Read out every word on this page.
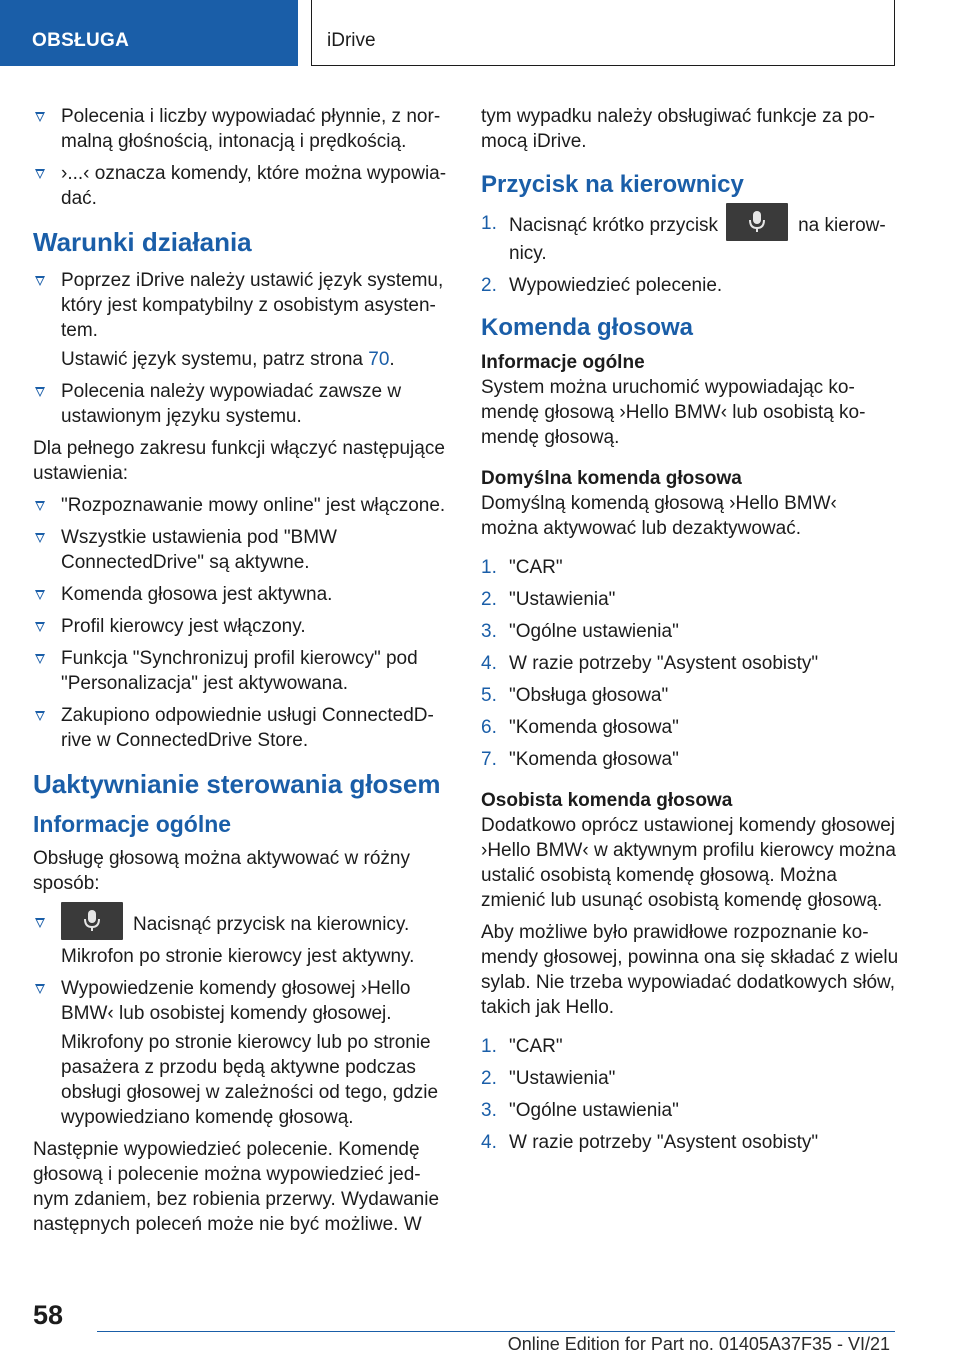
OBSŁUGA	iDrive
Polecenia i liczby wypowiadać płynnie, z normalną głośnością, intonacją i prędkością.
›...‹ oznacza komendy, które można wypowiadać.
Warunki działania
Poprzez iDrive należy ustawić język systemu, który jest kompatybilny z osobistym asystentem.
Ustawić język systemu, patrz strona 70.
Polecenia należy wypowiadać zawsze w ustawionym języku systemu.

Dla pełnego zakresu funkcji włączyć następujące ustawienia:

"Rozpoznawanie mowy online" jest włączone.
Wszystkie ustawienia pod "BMW ConnectedDrive" są aktywne.
Komenda głosowa jest aktywna.
Profil kierowcy jest włączony.
Funkcja "Synchronizuj profil kierowcy" pod "Personalizacja" jest aktywowana.
Zakupiono odpowiednie usługi ConnectedDrive w ConnectedDrive Store.
Uaktywnianie sterowania głosem
Informacje ogólne

Obsługę głosową można aktywować w różny sposób:

Nacisnąć przycisk na kierownicy.
Mikrofon po stronie kierowcy jest aktywny.
Wypowiedzenie komendy głosowej ›Hello BMW‹ lub osobistej komendy głosowej.
Mikrofony po stronie kierowcy lub po stronie pasażera z przodu będą aktywne podczas obsługi głosowej w zależności od tego, gdzie wypowiedziano komendę głosową.

Następnie wypowiedzieć polecenie. Komendę głosową i polecenie można wypowiedzieć jednym zdaniem, bez robienia przerwy. Wydawanie następnych poleceń może nie być możliwe. W

tym wypadku należy obsługiwać funkcje za pomocą iDrive.

Przycisk na kierownicy
1. Nacisnąć krótko przycisk	na kierownicy.
2. Wypowiedzieć polecenie.
Komenda głosowa
Informacje ogólne

System można uruchomić wypowiadając komendę głosową ›Hello BMW‹ lub osobistą komendę głosową.

Domyślna komenda głosowa

Domyślną komendą głosową ›Hello BMW‹ można aktywować lub dezaktywować.

1. "CAR"
2. "Ustawienia"
3. "Ogólne ustawienia"
4. W razie potrzeby "Asystent osobisty"
5. "Obsługa głosowa"
6. "Komenda głosowa"
7. "Komenda głosowa"
Osobista komenda głosowa

Dodatkowo oprócz ustawionej komendy głosowej ›Hello BMW‹ w aktywnym profilu kierowcy można ustalić osobistą komendę głosową. Można zmienić lub usunąć osobistą komendę głosową.

Aby możliwe było prawidłowe rozpoznanie komendy głosowej, powinna ona się składać z wielu sylab. Nie trzeba wypowiadać dodatkowych słów, takich jak Hello.

1. "CAR"
2. "Ustawienia"
3. "Ogólne ustawienia"
4. W razie potrzeby "Asystent osobisty"
58
Online Edition for Part no. 01405A37F35 - VI/21
